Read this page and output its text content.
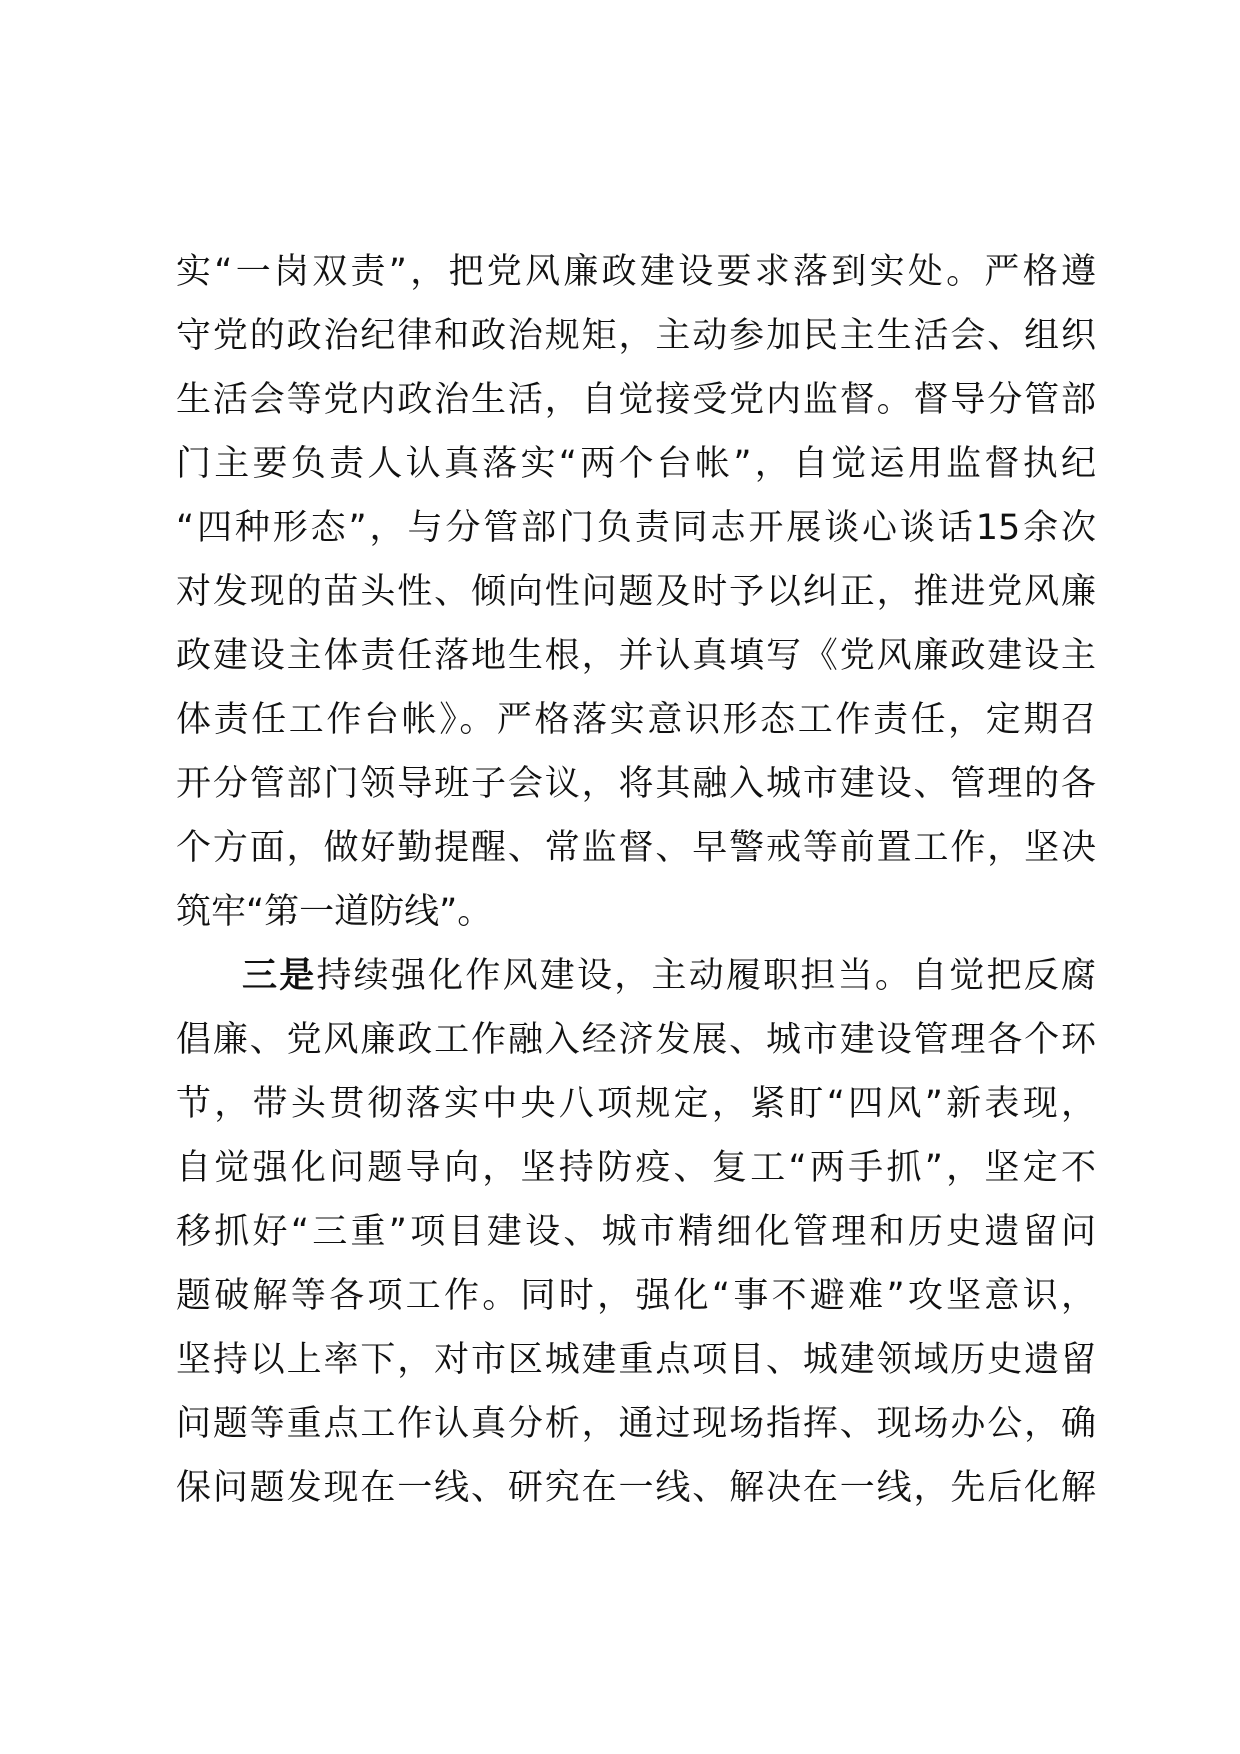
实“一岗双责”，把党风廉政建设要求落到实处。严格遵
守党的政治纪律和政治规矩，主动参加民主生活会、组织
生活会等党内政治生活，自觉接受党内监督。督导分管部
门主要负责人认真落实“两个台帐”，自觉运用监督执纪
“四种形态”，与分管部门负责同志开展谈心谈话15余次
对发现的苗头性、倾向性问题及时予以纠正，推进党风廉
政建设主体责任落地生根，并认真填写《党风廉政建设主
体责任工作台帐》。严格落实意识形态工作责任，定期召
开分管部门领导班子会议，将其融入城市建设、管理的各
个方面，做好勤提醒、常监督、早警戒等前置工作，坚决
筑牢“第一道防线”。
三是持续强化作风建设，主动履职担当。自觉把反腐
倡廉、党风廉政工作融入经济发展、城市建设管理各个环
节，带头贯彻落实中央八项规定，紧盯“四风”新表现，
自觉强化问题导向，坚持防疫、复工“两手抓”，坚定不
移抓好“三重”项目建设、城市精细化管理和历史遗留问
题破解等各项工作。同时，强化“事不避难”攻坚意识，
坚持以上率下，对市区城建重点项目、城建领域历史遗留
问题等重点工作认真分析，通过现场指挥、现场办公，确
保问题发现在一线、研究在一线、解决在一线，先后化解
